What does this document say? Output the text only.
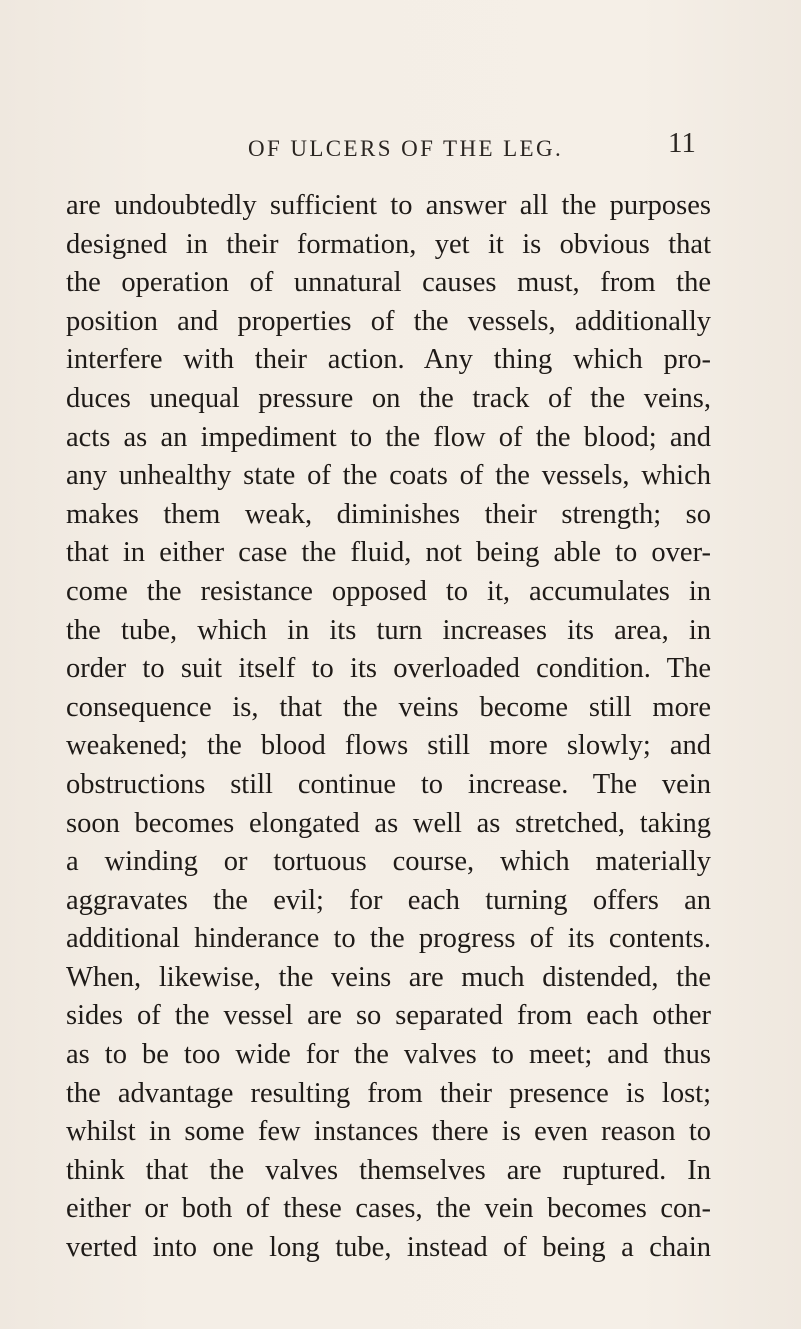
OF ULCERS OF THE LEG.	11
are undoubtedly sufficient to answer all the purposes
designed in their formation, yet it is obvious that
the operation of unnatural causes must, from the
position and properties of the vessels, additionally
interfere with their action. Any thing which pro-
duces unequal pressure on the track of the veins,
acts as an impediment to the flow of the blood; and
any unhealthy state of the coats of the vessels, which
makes them weak, diminishes their strength; so
that in either case the fluid, not being able to over-
come the resistance opposed to it, accumulates in
the tube, which in its turn increases its area, in
order to suit itself to its overloaded condition. The
consequence is, that the veins become still more
weakened; the blood flows still more slowly; and
obstructions still continue to increase. The vein
soon becomes elongated as well as stretched, taking
a winding or tortuous course, which materially
aggravates the evil; for each turning offers an
additional hinderance to the progress of its contents.
When, likewise, the veins are much distended, the
sides of the vessel are so separated from each other
as to be too wide for the valves to meet; and thus
the advantage resulting from their presence is lost;
whilst in some few instances there is even reason to
think that the valves themselves are ruptured. In
either or both of these cases, the vein becomes con-
verted into one long tube, instead of being a chain
